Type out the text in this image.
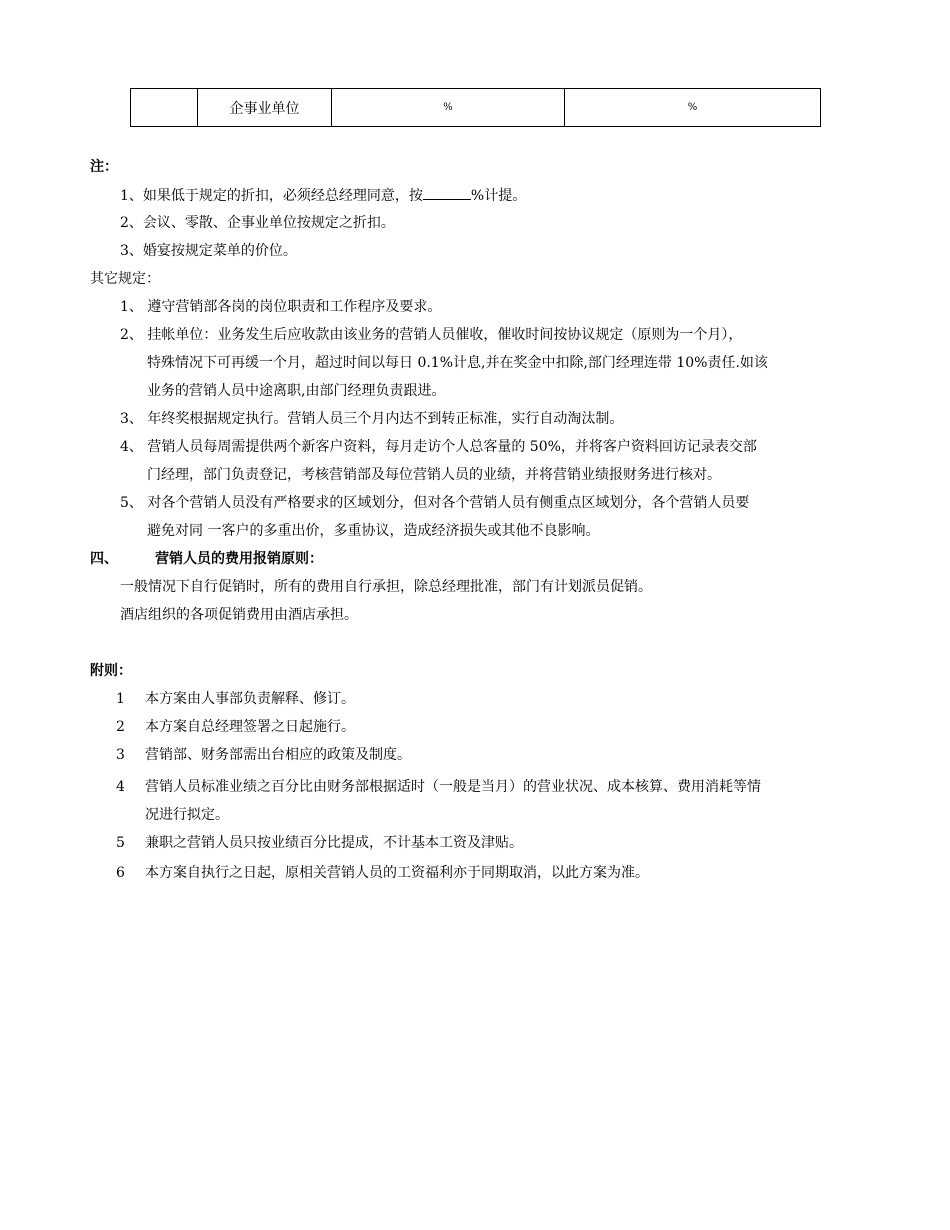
	企事业单位	%	%
注：
1、如果低于规定的折扣，必须经总经理同意，按	%计提。
2、会议、零散、企事业单位按规定之折扣。
3、婚宴按规定菜单的价位。
其它规定：
1、 遵守营销部各岗的岗位职责和工作程序及要求。
2、 挂帐单位：业务发生后应收款由该业务的营销人员催收，催收时间按协议规定（原则为一个月），
特殊情况下可再缓一个月，超过时间以每日 0.1%计息,并在奖金中扣除,部门经理连带 10%责任.如该
业务的营销人员中途离职,由部门经理负责跟进。
3、 年终奖根据规定执行。营销人员三个月内达不到转正标准，实行自动淘汰制。
4、 营销人员每周需提供两个新客户资料，每月走访个人总客量的 50%，并将客户资料回访记录表交部
门经理，部门负责登记，考核营销部及每位营销人员的业绩，并将营销业绩报财务进行核对。
5、 对各个营销人员没有严格要求的区域划分，但对各个营销人员有侧重点区域划分，各个营销人员要
避免对同 一客户的多重出价，多重协议，造成经济损失或其他不良影响。
四、	营销人员的费用报销原则：
一般情况下自行促销时，所有的费用自行承担，除总经理批准，部门有计划派员促销。
酒店组织的各项促销费用由酒店承担。
附则：
1 本方案由人事部负责解释、修订。
2 本方案自总经理签署之日起施行。
3 营销部、财务部需出台相应的政策及制度。
4 营销人员标准业绩之百分比由财务部根据适时（一般是当月）的营业状况、成本核算、费用消耗等情
况进行拟定。
5 兼职之营销人员只按业绩百分比提成，不计基本工资及津贴。
6 本方案自执行之日起，原相关营销人员的工资福利亦于同期取消，以此方案为准。
